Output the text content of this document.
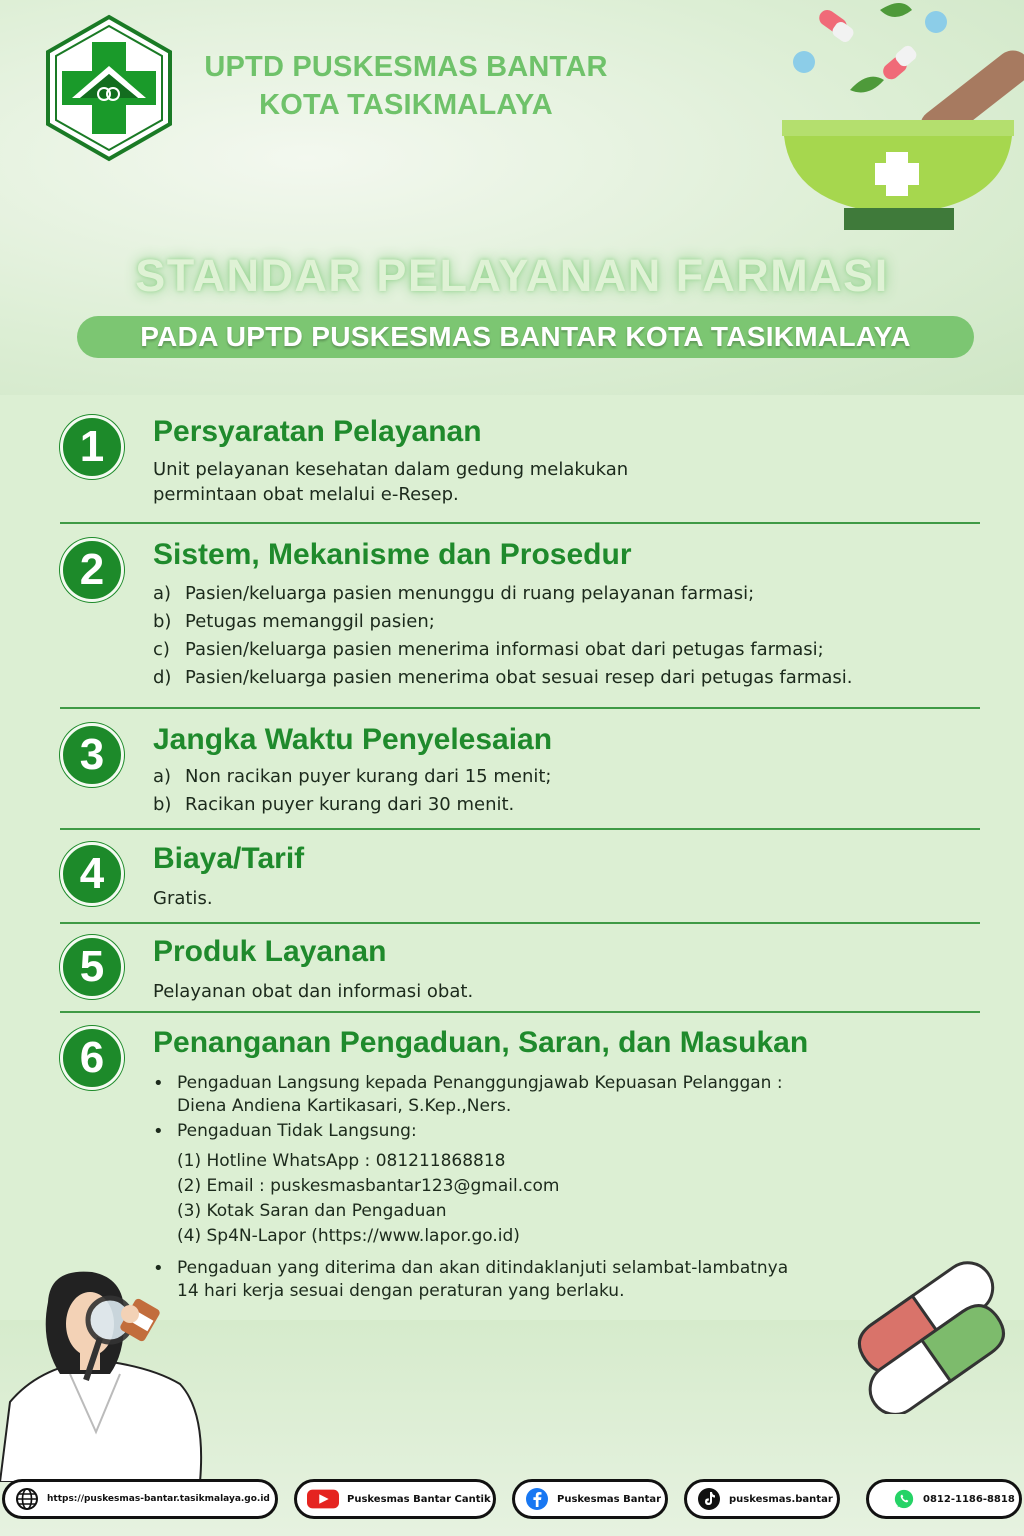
UPTD PUSKESMAS BANTAR
KOTA TASIKMALAYA
STANDAR PELAYANAN FARMASI
PADA UPTD PUSKESMAS BANTAR KOTA TASIKMALAYA
1	Persyaratan Pelayanan
Unit pelayanan kesehatan dalam gedung melakukan
permintaan obat melalui e-Resep.
2	Sistem, Mekanisme dan Prosedur
a) Pasien/keluarga pasien menunggu di ruang pelayanan farmasi;
b) Petugas memanggil pasien;
c) Pasien/keluarga pasien menerima informasi obat dari petugas farmasi;
d) Pasien/keluarga pasien menerima obat sesuai resep dari petugas farmasi.
3	Jangka Waktu Penyelesaian
a) Non racikan puyer kurang dari 15 menit;
b) Racikan puyer kurang dari 30 menit.
4	Biaya/Tarif
Gratis.
5	Produk Layanan
Pelayanan obat dan informasi obat.
6	Penanganan Pengaduan, Saran, dan Masukan
• Pengaduan Langsung kepada Penanggungjawab Kepuasan Pelanggan :
Diena Andiena Kartikasari, S.Kep.,Ners.
• Pengaduan Tidak Langsung:
(1) Hotline WhatsApp : 081211868818
(2) Email : puskesmasbantar123@gmail.com
(3) Kotak Saran dan Pengaduan
(4) Sp4N-Lapor (https://www.lapor.go.id)
• Pengaduan yang diterima dan akan ditindaklanjuti selambat-lambatnya
14 hari kerja sesuai dengan peraturan yang berlaku.
https://puskesmas-bantar.tasikmalaya.go.id	Puskesmas Bantar Cantik	Puskesmas Bantar	puskesmas.bantar	0812-1186-8818
